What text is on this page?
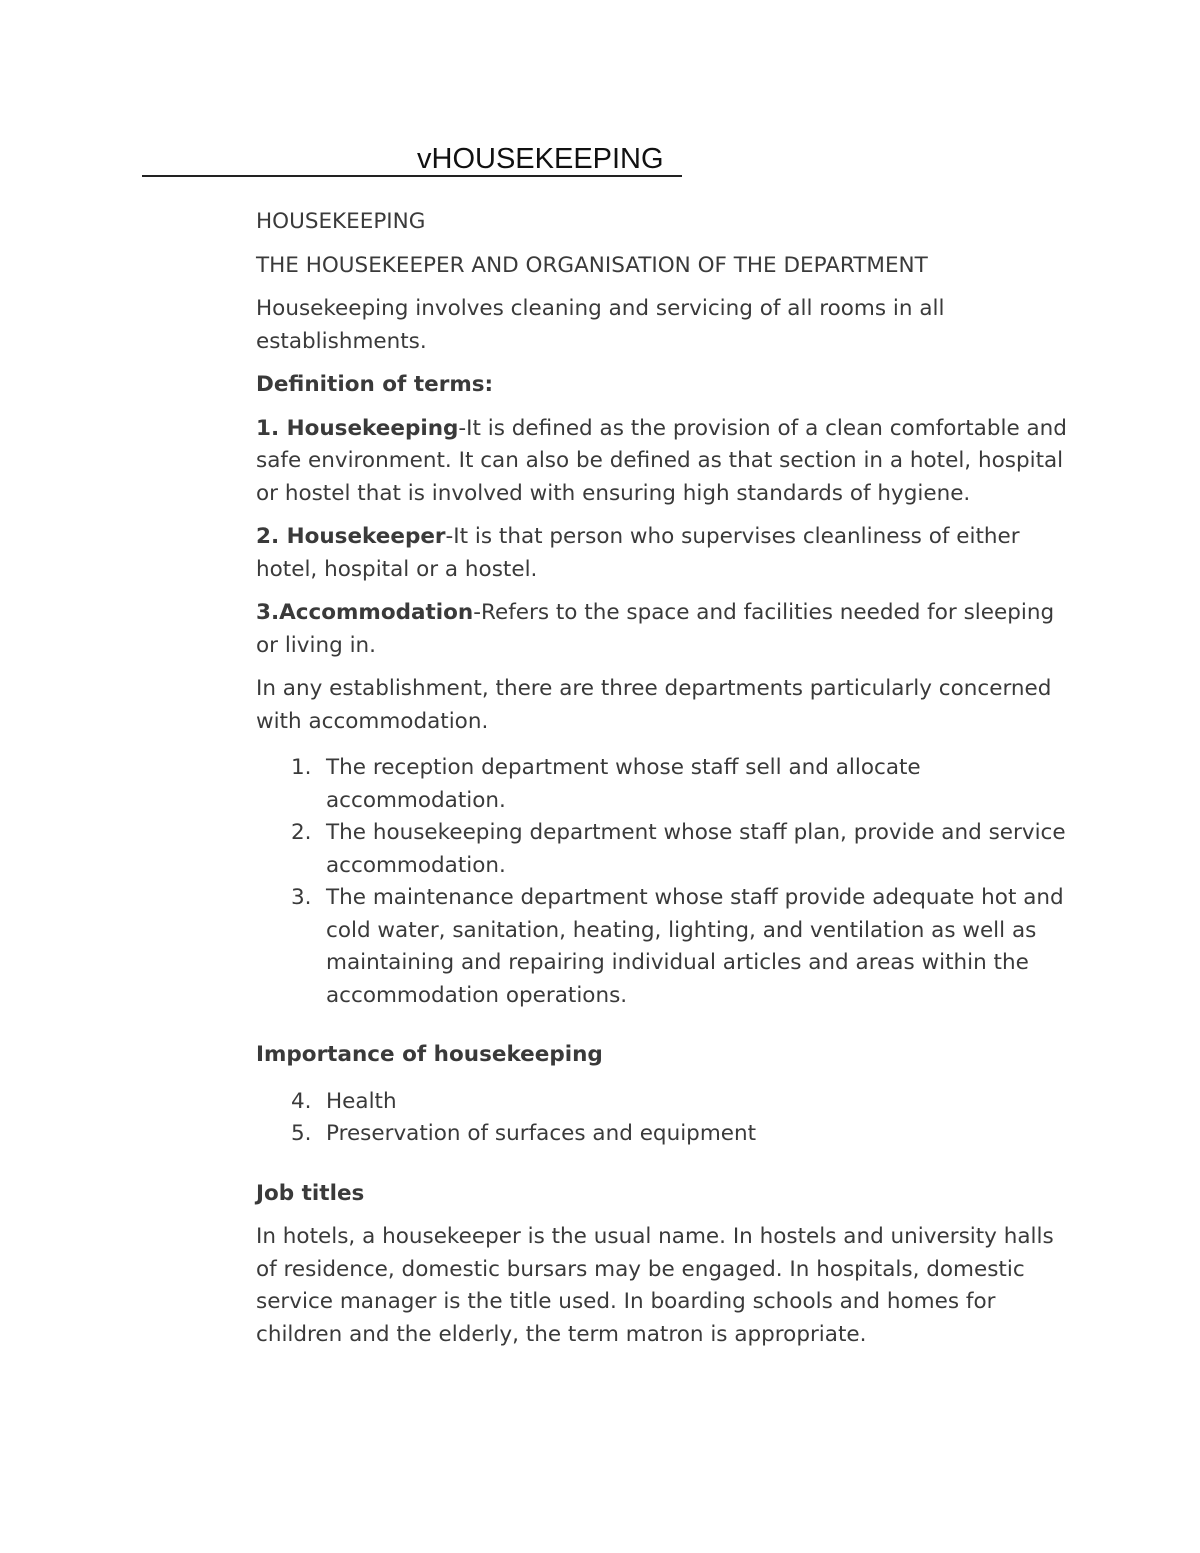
vHOUSEKEEPING

HOUSEKEEPING

THE HOUSEKEEPER AND ORGANISATION OF THE DEPARTMENT

Housekeeping involves cleaning and servicing of all rooms in all establishments.

Definition of terms:

1. Housekeeping-It is defined as the provision of a clean comfortable and safe environment. It can also be defined as that section in a hotel, hospital or hostel that is involved with ensuring high standards of hygiene.

2. Housekeeper-It is that person who supervises cleanliness of either hotel, hospital or a hostel.

3.Accommodation-Refers to the space and facilities needed for sleeping or living in.

In any establishment, there are three departments particularly concerned with accommodation.

1. The reception department whose staff sell and allocate accommodation.
2. The housekeeping department whose staff plan, provide and service accommodation.
3. The maintenance department whose staff provide adequate hot and cold water, sanitation, heating, lighting, and ventilation as well as maintaining and repairing individual articles and areas within the accommodation operations.

Importance of housekeeping

4. Health
5. Preservation of surfaces and equipment

Job titles

In hotels, a housekeeper is the usual name. In hostels and university halls of residence, domestic bursars may be engaged. In hospitals, domestic service manager is the title used. In boarding schools and homes for children and the elderly, the term matron is appropriate.
